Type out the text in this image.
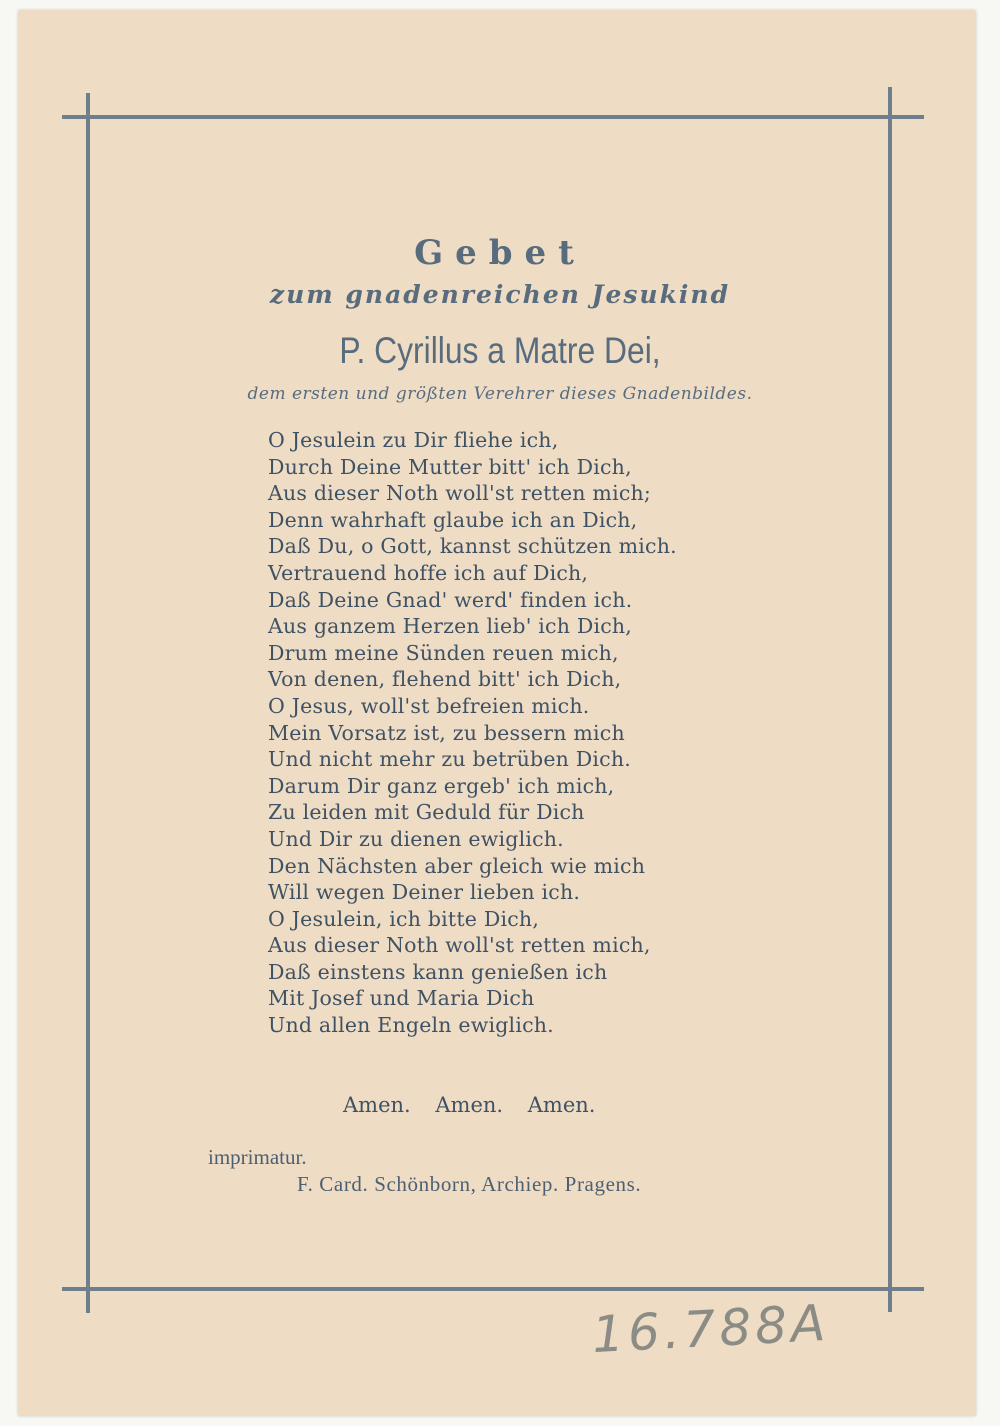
Gebet
zum gnadenreichen Jesukind
P. Cyrillus a Matre Dei,
dem ersten und größten Verehrer dieses Gnadenbildes.
O Jesulein zu Dir fliehe ich,
Durch Deine Mutter bitt' ich Dich,
Aus dieser Noth woll'st retten mich;
Denn wahrhaft glaube ich an Dich,
Daß Du, o Gott, kannst schützen mich.
Vertrauend hoffe ich auf Dich,
Daß Deine Gnad' werd' finden ich.
Aus ganzem Herzen lieb' ich Dich,
Drum meine Sünden reuen mich,
Von denen, flehend bitt' ich Dich,
O Jesus, woll'st befreien mich.
Mein Vorsatz ist, zu bessern mich
Und nicht mehr zu betrüben Dich.
Darum Dir ganz ergeb' ich mich,
Zu leiden mit Geduld für Dich
Und Dir zu dienen ewiglich.
Den Nächsten aber gleich wie mich
Will wegen Deiner lieben ich.
O Jesulein, ich bitte Dich,
Aus dieser Noth woll'st retten mich,
Daß einstens kann genießen ich
Mit Josef und Maria Dich
Und allen Engeln ewiglich.
Amen. Amen. Amen.
imprimatur.
F. Card. Schönborn, Archiep. Pragens.
16.788A
